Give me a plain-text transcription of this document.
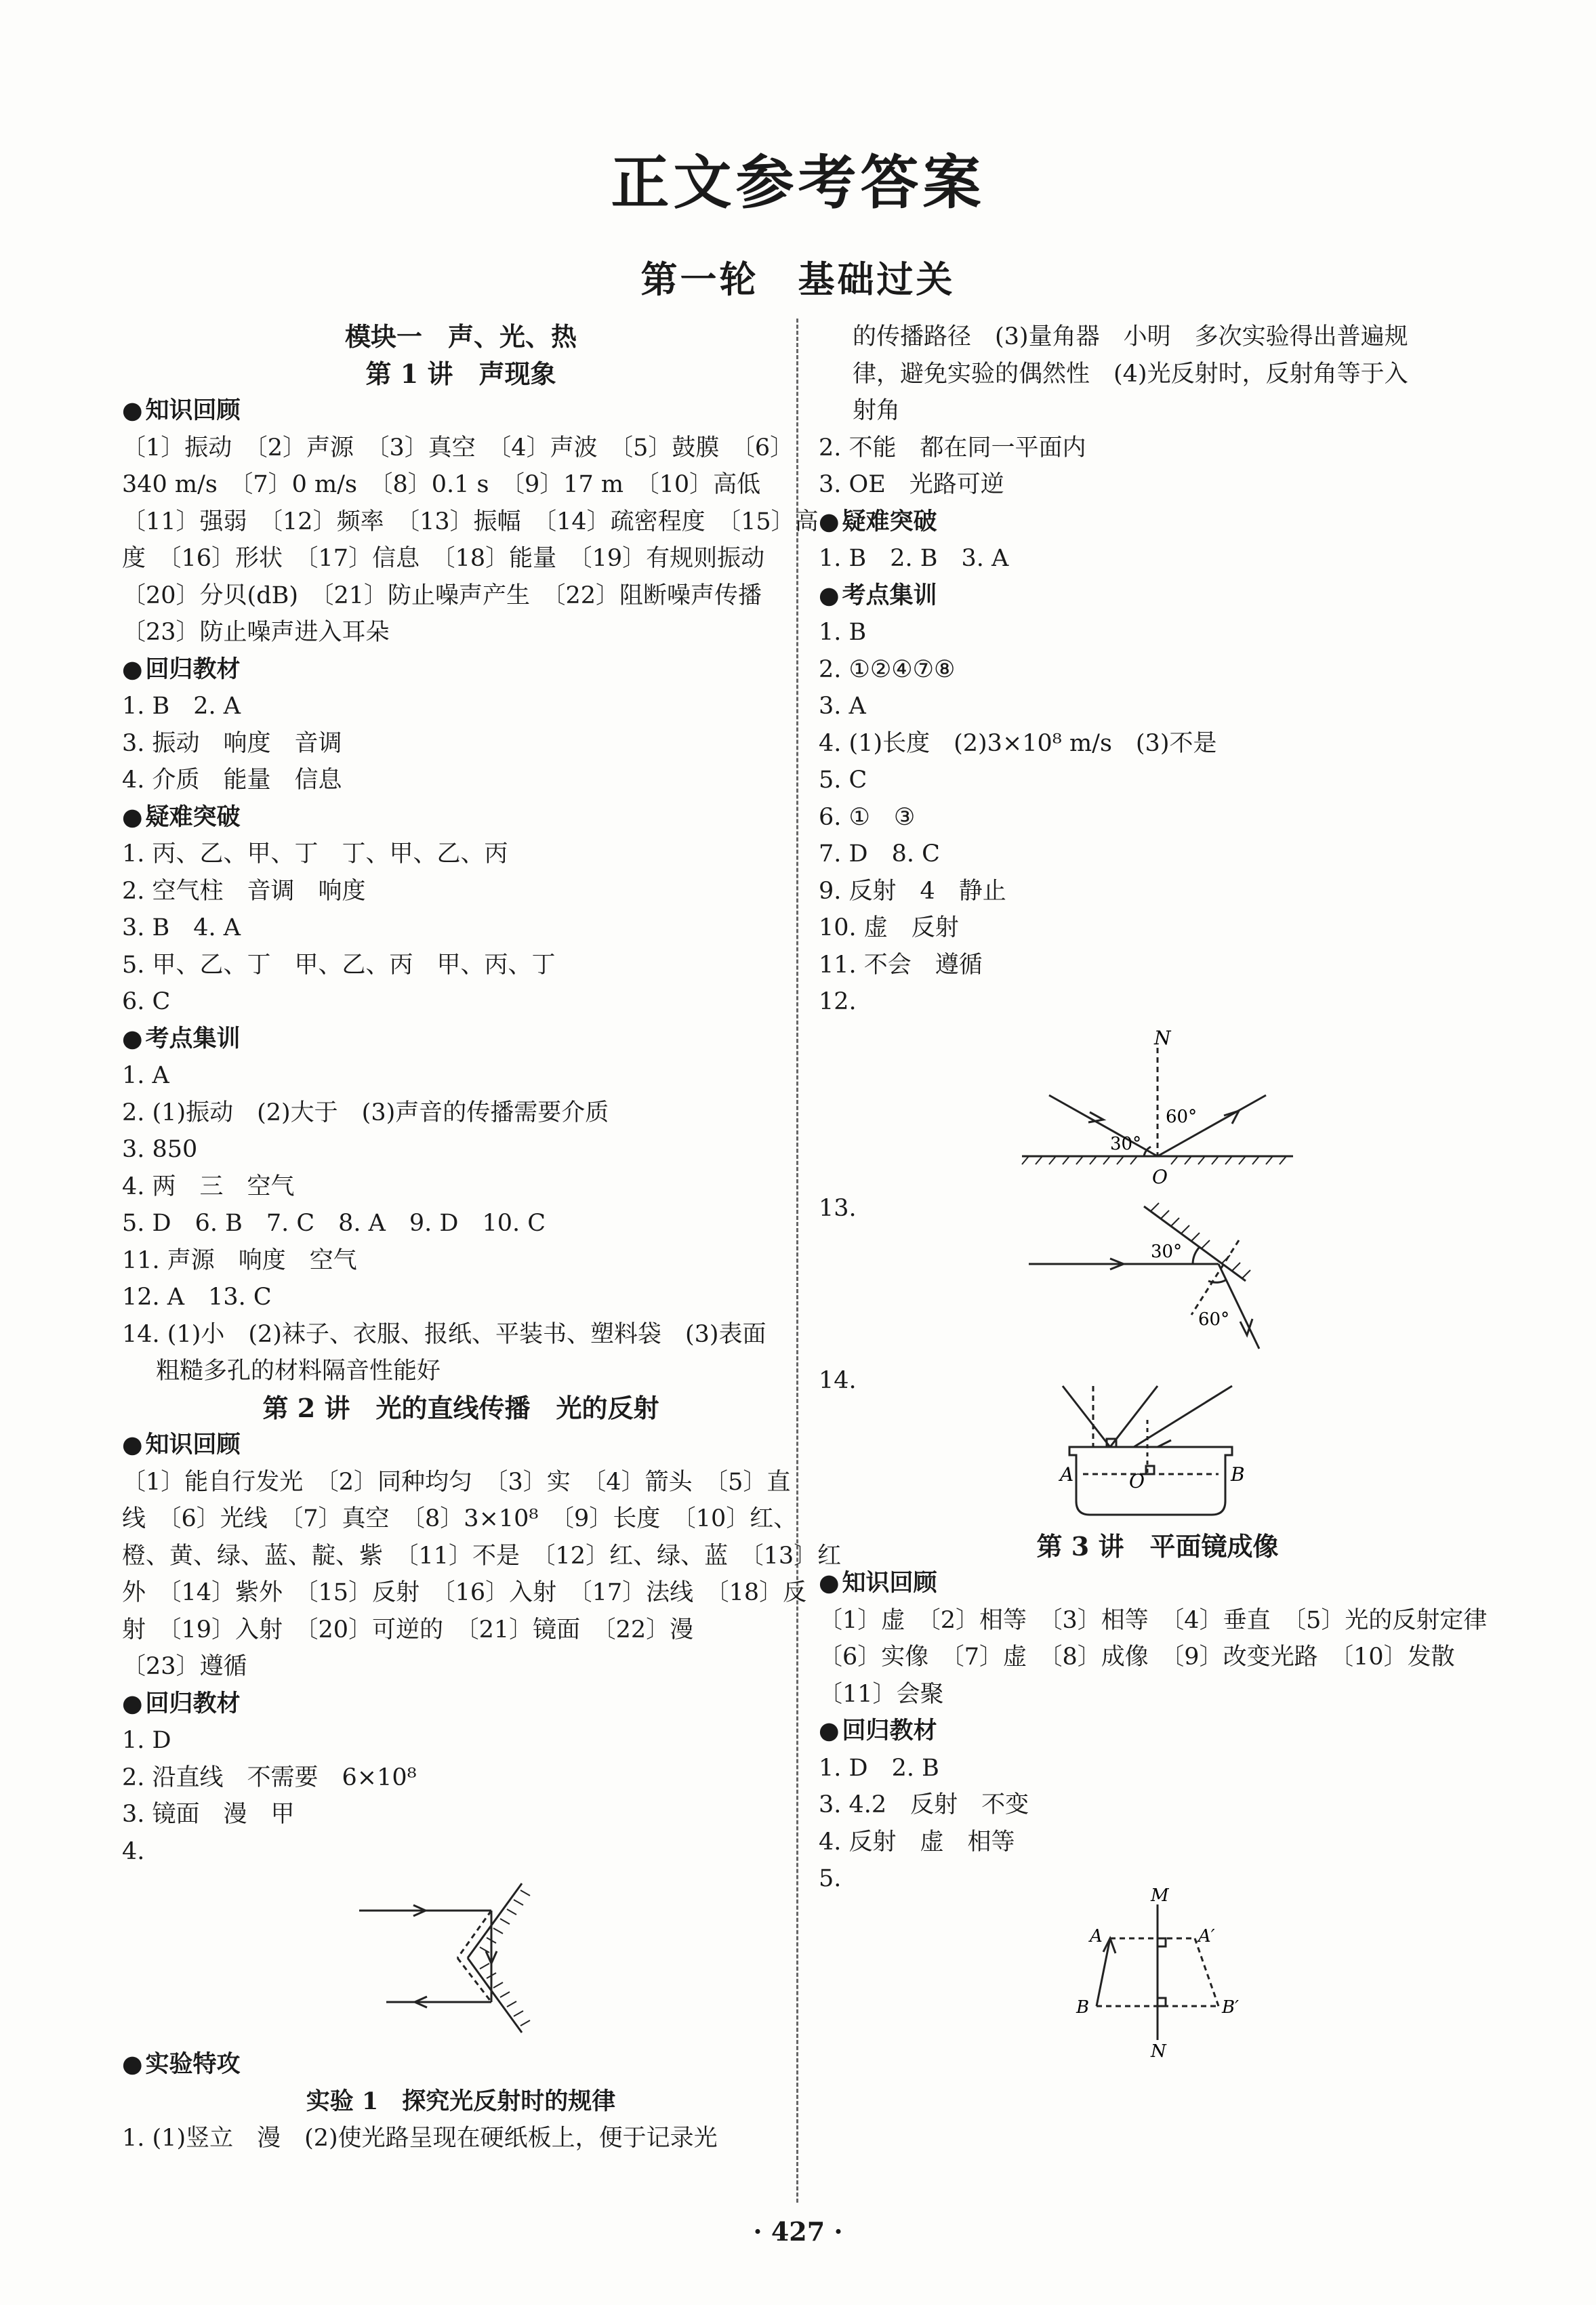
正文参考答案
第一轮　基础过关
模块一　声、光、热
第 1 讲　声现象
● 知识回顾
〔1〕振动　〔2〕声源　〔3〕真空　〔4〕声波　〔5〕鼓膜　〔6〕
340 m/s　〔7〕0 m/s　〔8〕0.1 s　〔9〕17 m　〔10〕高低
〔11〕强弱　〔12〕频率　〔13〕振幅　〔14〕疏密程度　〔15〕高
度　〔16〕形状　〔17〕信息　〔18〕能量　〔19〕有规则振动
〔20〕分贝(dB)　〔21〕防止噪声产生　〔22〕阻断噪声传播
〔23〕防止噪声进入耳朵
● 回归教材
1. B　2. A
3. 振动　响度　音调
4. 介质　能量　信息
● 疑难突破
1. 丙、乙、甲、丁　丁、甲、乙、丙
2. 空气柱　音调　响度
3. B　4. A
5. 甲、乙、丁　甲、乙、丙　甲、丙、丁
6. C
● 考点集训
1. A
2. (1)振动　(2)大于　(3)声音的传播需要介质
3. 850
4. 两　三　空气
5. D　6. B　7. C　8. A　9. D　10. C
11. 声源　响度　空气
12. A　13. C
14. (1)小　(2)袜子、衣服、报纸、平装书、塑料袋　(3)表面
粗糙多孔的材料隔音性能好
第 2 讲　光的直线传播　光的反射
● 知识回顾
〔1〕能自行发光　〔2〕同种均匀　〔3〕实　〔4〕箭头　〔5〕直
线　〔6〕光线　〔7〕真空　〔8〕3×10⁸　〔9〕长度　〔10〕红、
橙、黄、绿、蓝、靛、紫　〔11〕不是　〔12〕红、绿、蓝　〔13〕红
外　〔14〕紫外　〔15〕反射　〔16〕入射　〔17〕法线　〔18〕反
射　〔19〕入射　〔20〕可逆的　〔21〕镜面　〔22〕漫
〔23〕遵循
● 回归教材
1. D
2. 沿直线　不需要　6×10⁸
3. 镜面　漫　甲
4.
● 实验特攻
实验 1　探究光反射时的规律
1. (1)竖立　漫　(2)使光路呈现在硬纸板上，便于记录光
的传播路径　(3)量角器　小明　多次实验得出普遍规
律，避免实验的偶然性　(4)光反射时，反射角等于入
射角
2. 不能　都在同一平面内
3. OE　光路可逆
● 疑难突破
1. B　2. B　3. A
● 考点集训
1. B
2. ①②④⑦⑧
3. A
4. (1)长度　(2)3×10⁸ m/s　(3)不是
5. C
6. ①　③
7. D　8. C
9. 反射　4　静止
10. 虚　反射
11. 不会　遵循
12.
N
30°
60°
O
13.
30°
60°
14.
A	O	B
第 3 讲　平面镜成像
● 知识回顾
〔1〕虚　〔2〕相等　〔3〕相等　〔4〕垂直　〔5〕光的反射定律
〔6〕实像　〔7〕虚　〔8〕成像　〔9〕改变光路　〔10〕发散
〔11〕会聚
● 回归教材
1. D　2. B
3. 4.2　反射　不变
4. 反射　虚　相等
5.
M
A	A′
B	B′
N
· 427 ·
